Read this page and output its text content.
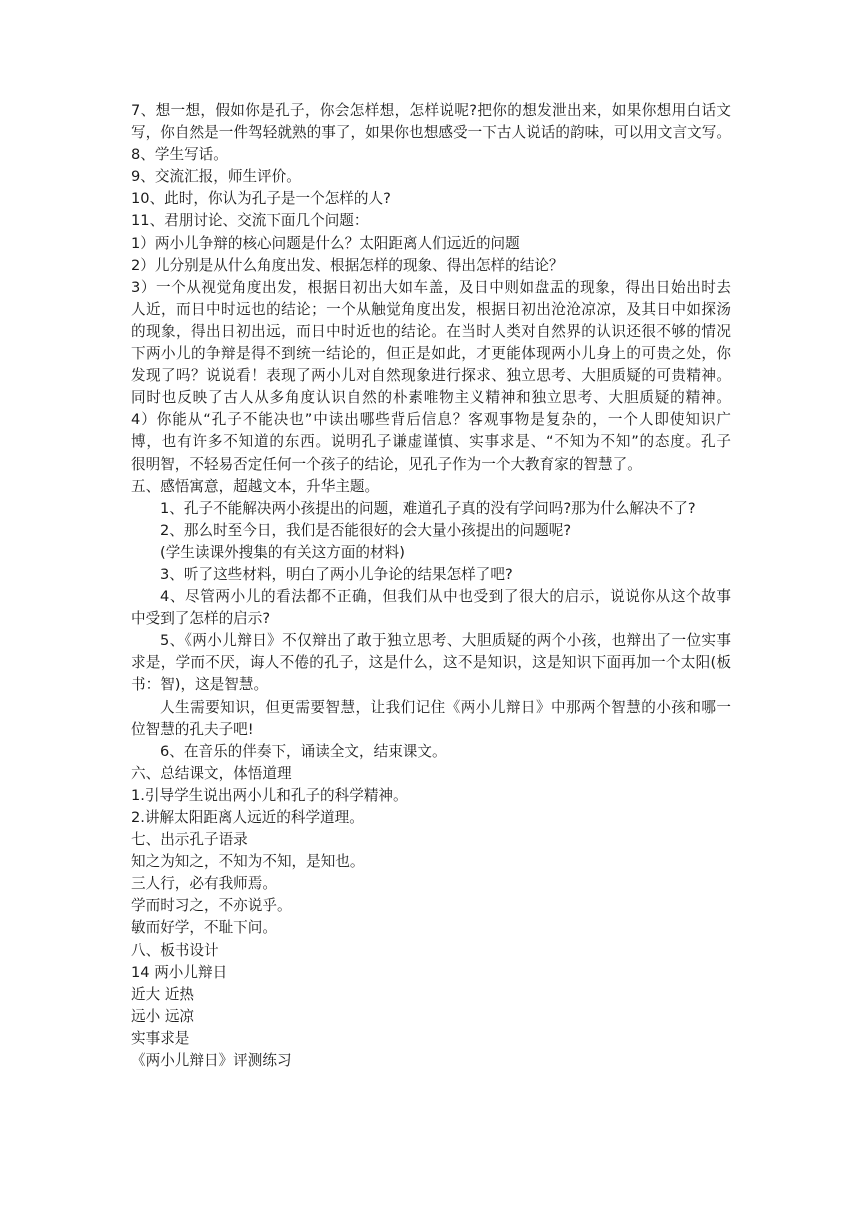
7、想一想，假如你是孔子，你会怎样想，怎样说呢?把你的想发泄出来，如果你想用白话文
写，你自然是一件驾轻就熟的事了，如果你也想感受一下古人说话的韵味，可以用文言文写。
8、学生写话。
9、交流汇报，师生评价。
10、此时，你认为孔子是一个怎样的人?
11、君朋讨论、交流下面几个问题：
1）两小儿争辩的核心问题是什么？太阳距离人们远近的问题
2）儿分别是从什么角度出发、根据怎样的现象、得出怎样的结论？
3）一个从视觉角度出发，根据日初出大如车盖，及日中则如盘盂的现象，得出日始出时去
人近，而日中时远也的结论；一个从触觉角度出发，根据日初出沧沧凉凉，及其日中如探汤
的现象，得出日初出远，而日中时近也的结论。在当时人类对自然界的认识还很不够的情况
下两小儿的争辩是得不到统一结论的，但正是如此，才更能体现两小儿身上的可贵之处，你
发现了吗？说说看！表现了两小儿对自然现象进行探求、独立思考、大胆质疑的可贵精神。
同时也反映了古人从多角度认识自然的朴素唯物主义精神和独立思考、大胆质疑的精神。
4）你能从“孔子不能决也”中读出哪些背后信息？客观事物是复杂的，一个人即使知识广
博，也有许多不知道的东西。说明孔子谦虚谨慎、实事求是、“不知为不知”的态度。孔子
很明智，不轻易否定任何一个孩子的结论，见孔子作为一个大教育家的智慧了。
五、感悟寓意，超越文本，升华主题。
1、孔子不能解决两小孩提出的问题，难道孔子真的没有学问吗?那为什么解决不了?
2、那么时至今日，我们是否能很好的会大量小孩提出的问题呢?
(学生读课外搜集的有关这方面的材料)
3、听了这些材料，明白了两小儿争论的结果怎样了吧?
4、尽管两小儿的看法都不正确，但我们从中也受到了很大的启示，说说你从这个故事
中受到了怎样的启示?
5、《两小儿辩日》不仅辩出了敢于独立思考、大胆质疑的两个小孩，也辩出了一位实事
求是，学而不厌，诲人不倦的孔子，这是什么，这不是知识，这是知识下面再加一个太阳(板
书：智)，这是智慧。
人生需要知识，但更需要智慧，让我们记住《两小儿辩日》中那两个智慧的小孩和哪一
位智慧的孔夫子吧!
6、在音乐的伴奏下，诵读全文，结束课文。
六、总结课文，体悟道理
1.引导学生说出两小儿和孔子的科学精神。
2.讲解太阳距离人远近的科学道理。
七、出示孔子语录
知之为知之，不知为不知，是知也。
三人行，必有我师焉。
学而时习之，不亦说乎。
敏而好学，不耻下问。
八、板书设计
14 两小儿辩日
近大 近热
远小 远凉
实事求是
《两小儿辩日》评测练习
